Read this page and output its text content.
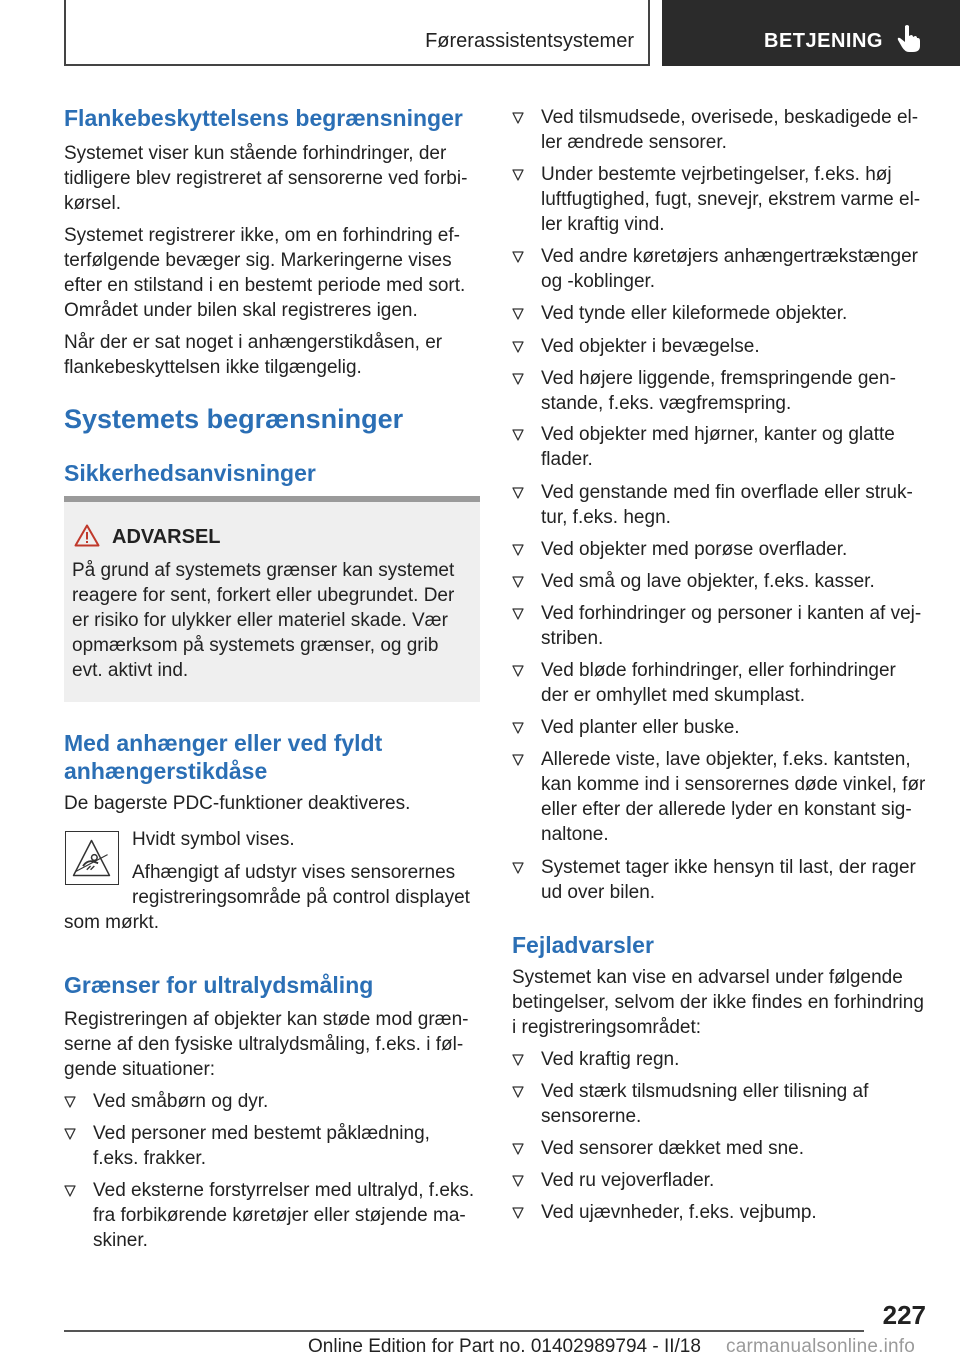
Førerassistentsystemer	BETJENING
Flankebeskyttelsens begrænsninger
Systemet viser kun stående forhindringer, der
tidligere blev registreret af sensorerne ved forbi‐
kørsel.
Systemet registrerer ikke, om en forhindring ef‐
terfølgende bevæger sig. Markeringerne vises
efter en stilstand i en bestemt periode med sort.
Området under bilen skal registreres igen.
Når der er sat noget i anhængerstikdåsen, er
flankebeskyttelsen ikke tilgængelig.
Systemets begrænsninger
Sikkerhedsanvisninger
ADVARSEL
På grund af systemets grænser kan systemet
reagere for sent, forkert eller ubegrundet. Der
er risiko for ulykker eller materiel skade. Vær
opmærksom på systemets grænser, og grib
evt. aktivt ind.
Med anhænger eller ved fyldt
anhængerstikdåse
De bagerste PDC-funktioner deaktiveres.
Hvidt symbol vises.
Afhængigt af udstyr vises sensorernes
registreringsområde på control displayet
som mørkt.
Grænser for ultralydsmåling
Registreringen af objekter kan støde mod græn‐
serne af den fysiske ultralydsmåling, f.eks. i føl‐
gende situationer:
Ved småbørn og dyr.
Ved personer med bestemt påklædning,
f.eks. frakker.
Ved eksterne forstyrrelser med ultralyd, f.eks.
fra forbikørende køretøjer eller støjende ma‐
skiner.
Ved tilsmudsede, overisede, beskadigede el‐
ler ændrede sensorer.
Under bestemte vejrbetingelser, f.eks. høj
luftfugtighed, fugt, snevejr, ekstrem varme el‐
ler kraftig vind.
Ved andre køretøjers anhængertrækstænger
og -koblinger.
Ved tynde eller kileformede objekter.
Ved objekter i bevægelse.
Ved højere liggende, fremspringende gen‐
stande, f.eks. vægfremspring.
Ved objekter med hjørner, kanter og glatte
flader.
Ved genstande med fin overflade eller struk‐
tur, f.eks. hegn.
Ved objekter med porøse overflader.
Ved små og lave objekter, f.eks. kasser.
Ved forhindringer og personer i kanten af vej‐
striben.
Ved bløde forhindringer, eller forhindringer
der er omhyllet med skumplast.
Ved planter eller buske.
Allerede viste, lave objekter, f.eks. kantsten,
kan komme ind i sensorernes døde vinkel, før
eller efter der allerede lyder en konstant sig‐
naltone.
Systemet tager ikke hensyn til last, der rager
ud over bilen.
Fejladvarsler
Systemet kan vise en advarsel under følgende
betingelser, selvom der ikke findes en forhindring
i registreringsområdet:
Ved kraftig regn.
Ved stærk tilsmudsning eller tilisning af
sensorerne.
Ved sensorer dækket med sne.
Ved ru vejoverflader.
Ved ujævnheder, f.eks. vejbump.
227
Online Edition for Part no. 01402989794 - II/18 carmanualsonline.info
